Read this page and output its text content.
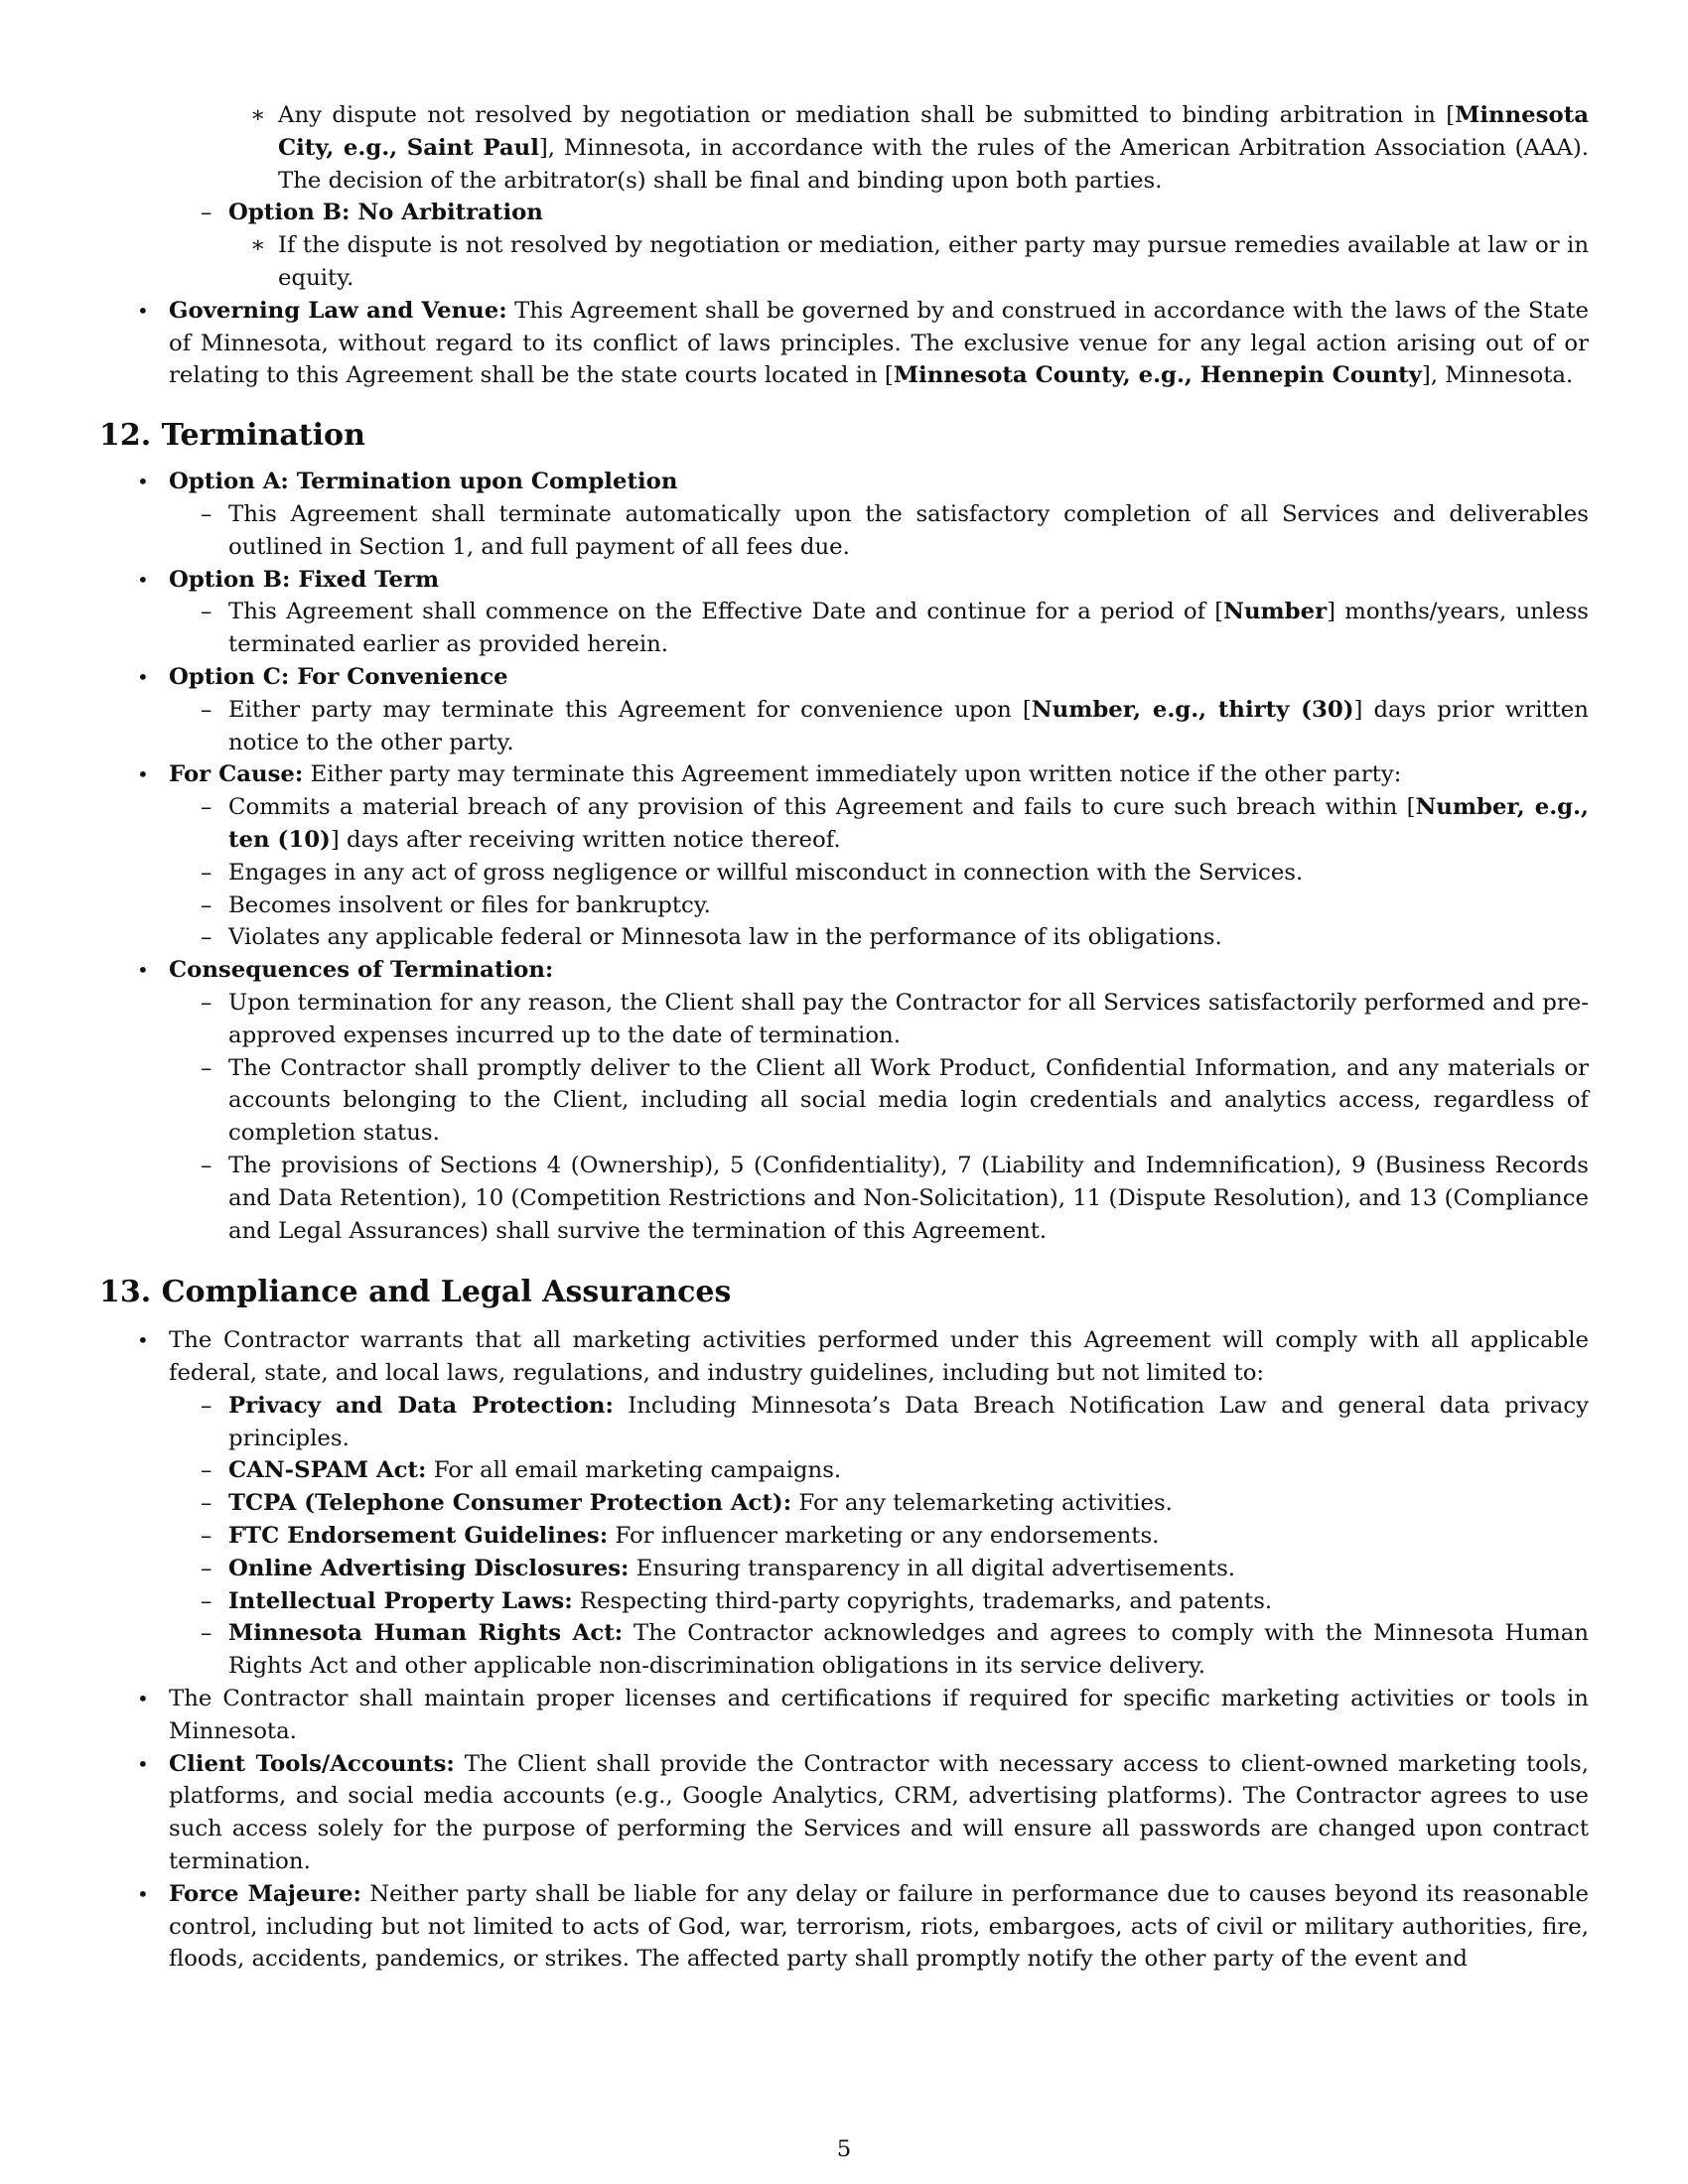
∗ Any dispute not resolved by negotiation or mediation shall be submitted to binding arbitration in [Minnesota City, e.g., Saint Paul], Minnesota, in accordance with the rules of the American Arbitration Association (AAA). The decision of the arbitrator(s) shall be final and binding upon both parties.
– Option B: No Arbitration
∗ If the dispute is not resolved by negotiation or mediation, either party may pursue remedies available at law or in equity.
• Governing Law and Venue: This Agreement shall be governed by and construed in accordance with the laws of the State of Minnesota, without regard to its conflict of laws principles. The exclusive venue for any legal action arising out of or relating to this Agreement shall be the state courts located in [Minnesota County, e.g., Hennepin County], Minnesota.
12. Termination
• Option A: Termination upon Completion
– This Agreement shall terminate automatically upon the satisfactory completion of all Services and deliverables outlined in Section 1, and full payment of all fees due.
• Option B: Fixed Term
– This Agreement shall commence on the Effective Date and continue for a period of [Number] months/years, unless terminated earlier as provided herein.
• Option C: For Convenience
– Either party may terminate this Agreement for convenience upon [Number, e.g., thirty (30)] days prior written notice to the other party.
• For Cause: Either party may terminate this Agreement immediately upon written notice if the other party:
– Commits a material breach of any provision of this Agreement and fails to cure such breach within [Number, e.g., ten (10)] days after receiving written notice thereof.
– Engages in any act of gross negligence or willful misconduct in connection with the Services.
– Becomes insolvent or files for bankruptcy.
– Violates any applicable federal or Minnesota law in the performance of its obligations.
• Consequences of Termination:
– Upon termination for any reason, the Client shall pay the Contractor for all Services satisfactorily performed and pre-approved expenses incurred up to the date of termination.
– The Contractor shall promptly deliver to the Client all Work Product, Confidential Information, and any materials or accounts belonging to the Client, including all social media login credentials and analytics access, regardless of completion status.
– The provisions of Sections 4 (Ownership), 5 (Confidentiality), 7 (Liability and Indemnification), 9 (Business Records and Data Retention), 10 (Competition Restrictions and Non-Solicitation), 11 (Dispute Resolution), and 13 (Compliance and Legal Assurances) shall survive the termination of this Agreement.
13. Compliance and Legal Assurances
• The Contractor warrants that all marketing activities performed under this Agreement will comply with all applicable federal, state, and local laws, regulations, and industry guidelines, including but not limited to:
– Privacy and Data Protection: Including Minnesota’s Data Breach Notification Law and general data privacy principles.
– CAN-SPAM Act: For all email marketing campaigns.
– TCPA (Telephone Consumer Protection Act): For any telemarketing activities.
– FTC Endorsement Guidelines: For influencer marketing or any endorsements.
– Online Advertising Disclosures: Ensuring transparency in all digital advertisements.
– Intellectual Property Laws: Respecting third-party copyrights, trademarks, and patents.
– Minnesota Human Rights Act: The Contractor acknowledges and agrees to comply with the Minnesota Human Rights Act and other applicable non-discrimination obligations in its service delivery.
• The Contractor shall maintain proper licenses and certifications if required for specific marketing activities or tools in Minnesota.
• Client Tools/Accounts: The Client shall provide the Contractor with necessary access to client-owned marketing tools, platforms, and social media accounts (e.g., Google Analytics, CRM, advertising platforms). The Contractor agrees to use such access solely for the purpose of performing the Services and will ensure all passwords are changed upon contract termination.
• Force Majeure: Neither party shall be liable for any delay or failure in performance due to causes beyond its reasonable control, including but not limited to acts of God, war, terrorism, riots, embargoes, acts of civil or military authorities, fire, floods, accidents, pandemics, or strikes. The affected party shall promptly notify the other party of the event and
5
